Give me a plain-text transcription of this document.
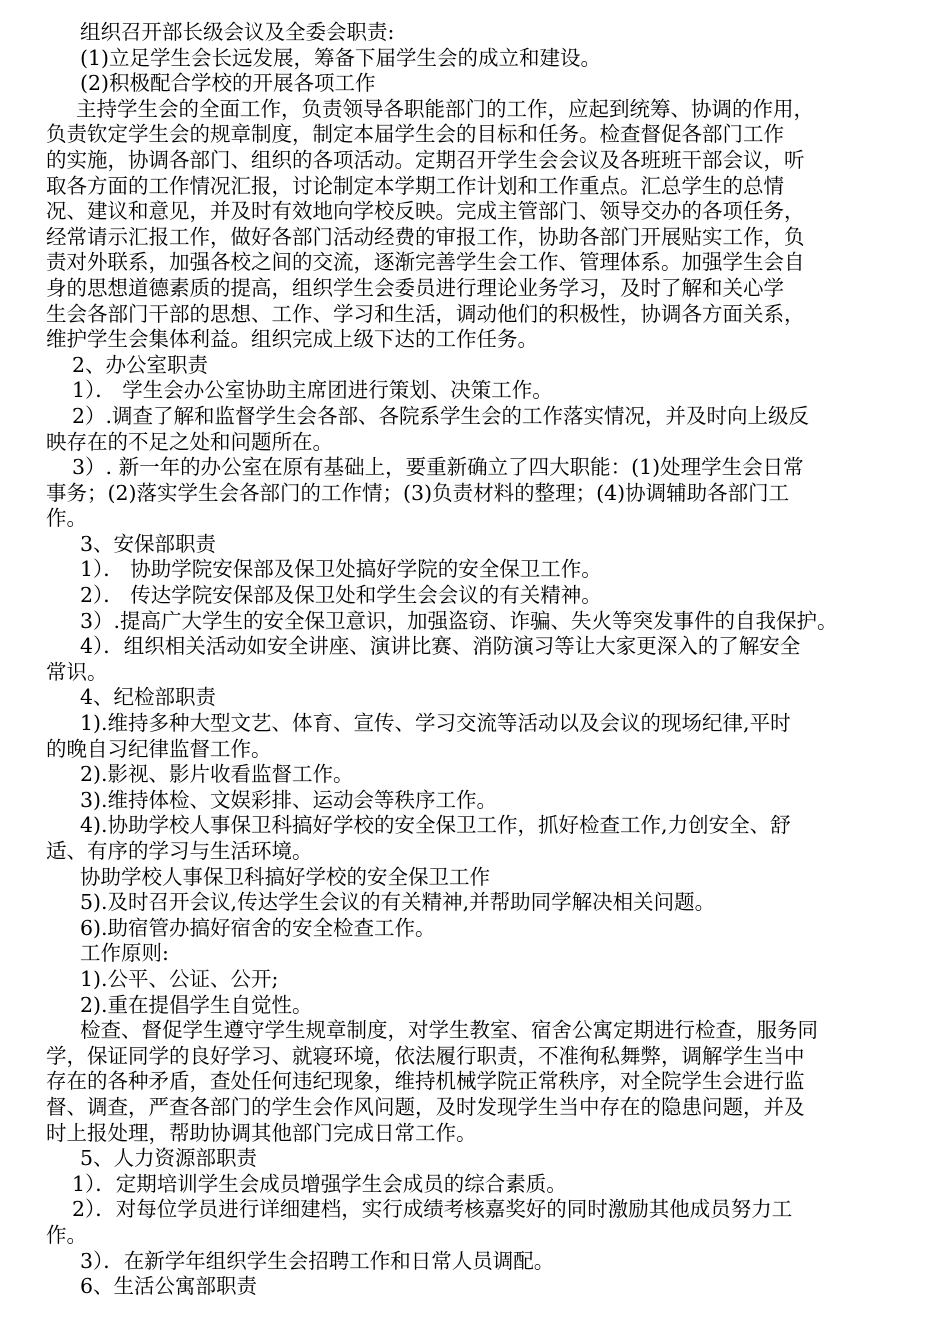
组织召开部长级会议及全委会职责:
(1)立足学生会长远发展，筹备下届学生会的成立和建设。
(2)积极配合学校的开展各项工作
主持学生会的全面工作，负责领导各职能部门的工作，应起到统筹、协调的作用，
负责钦定学生会的规章制度，制定本届学生会的目标和任务。检查督促各部门工作
的实施，协调各部门、组织的各项活动。定期召开学生会会议及各班班干部会议，听
取各方面的工作情况汇报，讨论制定本学期工作计划和工作重点。汇总学生的总情
况、建议和意见，并及时有效地向学校反映。完成主管部门、领导交办的各项任务，
经常请示汇报工作，做好各部门活动经费的审报工作，协助各部门开展贴实工作，负
责对外联系，加强各校之间的交流，逐渐完善学生会工作、管理体系。加强学生会自
身的思想道德素质的提高，组织学生会委员进行理论业务学习，及时了解和关心学
生会各部门干部的思想、工作、学习和生活，调动他们的积极性，协调各方面关系，
维护学生会集体利益。组织完成上级下达的工作任务。
2、办公室职责
1）． 学生会办公室协助主席团进行策划、决策工作。
2）.调查了解和监督学生会各部、各院系学生会的工作落实情况，并及时向上级反
映存在的不足之处和问题所在。
3）. 新一年的办公室在原有基础上，要重新确立了四大职能：(1)处理学生会日常
事务；(2)落实学生会各部门的工作情；(3)负责材料的整理；(4)协调辅助各部门工
作。
3、安保部职责
1）． 协助学院安保部及保卫处搞好学院的安全保卫工作。
2）． 传达学院安保部及保卫处和学生会会议的有关精神。
3）.提高广大学生的安全保卫意识，加强盗窃、诈骗、失火等突发事件的自我保护。
4）．组织相关活动如安全讲座、演讲比赛、消防演习等让大家更深入的了解安全
常识。
4、纪检部职责
1).维持多种大型文艺、体育、宣传、学习交流等活动以及会议的现场纪律,平时
的晚自习纪律监督工作。
2).影视、影片收看监督工作。
3).维持体检、文娱彩排、运动会等秩序工作。
4).协助学校人事保卫科搞好学校的安全保卫工作，抓好检查工作,力创安全、舒
适、有序的学习与生活环境。
协助学校人事保卫科搞好学校的安全保卫工作
5).及时召开会议,传达学生会议的有关精神,并帮助同学解决相关问题。
6).助宿管办搞好宿舍的安全检查工作。
工作原则:
1).公平、公证、公开;
2).重在提倡学生自觉性。
检查、督促学生遵守学生规章制度，对学生教室、宿舍公寓定期进行检查，服务同
学，保证同学的良好学习、就寝环境，依法履行职责，不准徇私舞弊，调解学生当中
存在的各种矛盾，查处任何违纪现象，维持机械学院正常秩序，对全院学生会进行监
督、调查，严查各部门的学生会作风问题，及时发现学生当中存在的隐患问题，并及
时上报处理，帮助协调其他部门完成日常工作。
5、人力资源部职责
1）．定期培训学生会成员增强学生会成员的综合素质。
2）．对每位学员进行详细建档，实行成绩考核嘉奖好的同时激励其他成员努力工
作。
3）．在新学年组织学生会招聘工作和日常人员调配。
6、生活公寓部职责
